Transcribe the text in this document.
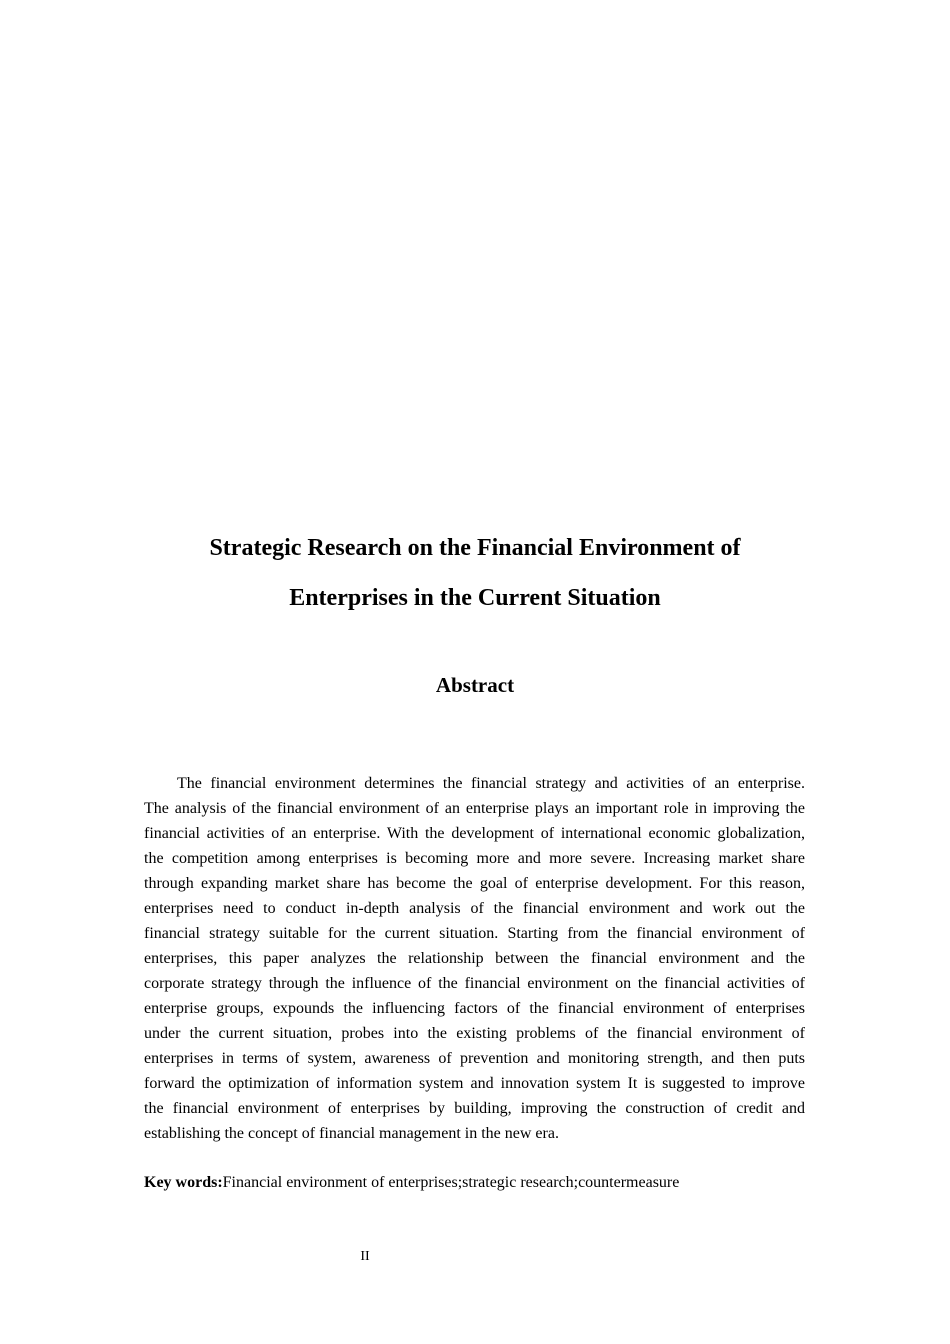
Strategic Research on the Financial Environment of
Enterprises in the Current Situation
Abstract
The financial environment determines the financial strategy and activities of an enterprise.
The analysis of the financial environment of an enterprise plays an important role in improving the
financial activities of an enterprise. With the development of international economic globalization,
the competition among enterprises is becoming more and more severe. Increasing market share
through expanding market share has become the goal of enterprise development. For this reason,
enterprises need to conduct in-depth analysis of the financial environment and work out the
financial strategy suitable for the current situation. Starting from the financial environment of
enterprises, this paper analyzes the relationship between the financial environment and the
corporate strategy through the influence of the financial environment on the financial activities of
enterprise groups, expounds the influencing factors of the financial environment of enterprises
under the current situation, probes into the existing problems of the financial environment of
enterprises in terms of system, awareness of prevention and monitoring strength, and then puts
forward the optimization of information system and innovation system It is suggested to improve
the financial environment of enterprises by building, improving the construction of credit and
establishing the concept of financial management in the new era.

Key words:Financial environment of enterprises;strategic research;countermeasure

II
